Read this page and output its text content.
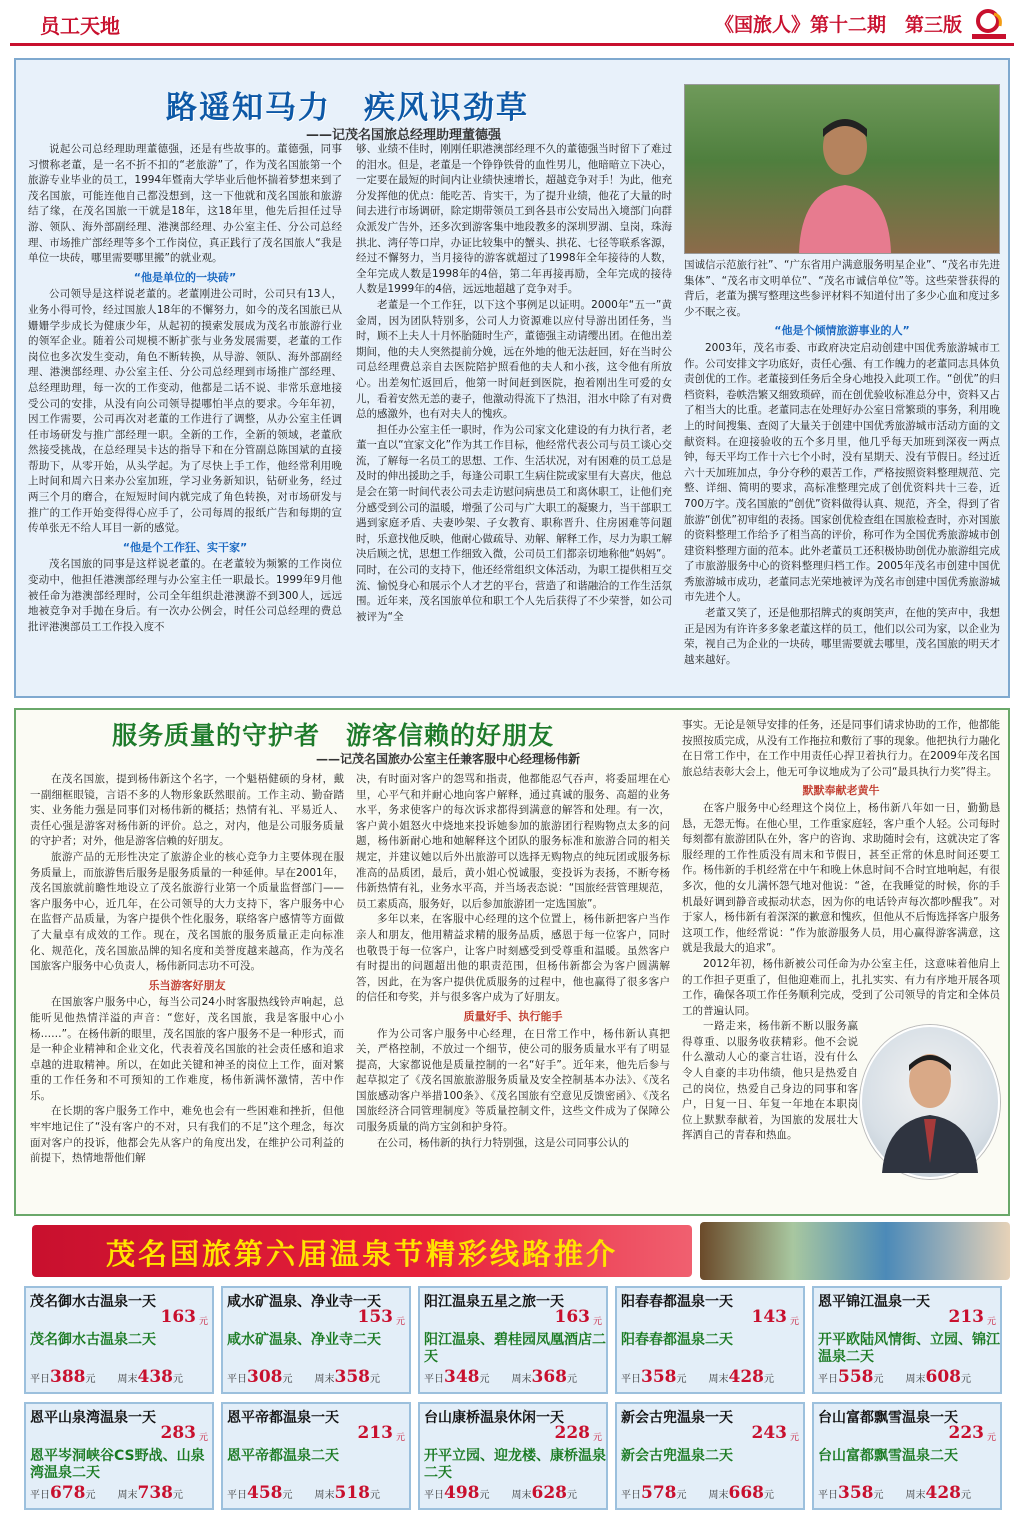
员工天地	《国旅人》第十二期　第三版
路遥知马力　疾风识劲草
——记茂名国旅总经理助理董德强

说起公司总经理助理董德强，还是有些故事的。董德强，同事习惯称老董，是一名不折不扣的“老旅游”了，作为茂名国旅第一个旅游专业毕业的员工，1994年暨南大学毕业后他怀揣着梦想来到了茂名国旅，可能连他自己都没想到，这一下他就和茂名国旅和旅游结了缘，在茂名国旅一干就是18年，这18年里，他先后担任过导游、领队、海外部副经理、港澳部经理、办公室主任、分公司总经理、市场推广部经理等多个工作岗位，真正践行了茂名国旅人“我是单位一块砖，哪里需要哪里搬”的就业观。

“他是单位的一块砖”

公司领导是这样说老董的。老董刚进公司时，公司只有13人，业务小得可怜，经过国旅人18年的不懈努力，如今的茂名国旅已从姗姗学步成长为健康少年，从起初的摸索发展成为茂名市旅游行业的领军企业。随着公司规模不断扩张与业务发展需要，老董的工作岗位也多次发生变动，角色不断转换，从导游、领队、海外部副经理、港澳部经理、办公室主任、分公司总经理到市场推广部经理、总经理助理，每一次的工作变动，他都是二话不说、非常乐意地接受公司的安排，从没有向公司领导提哪怕半点的要求。今年年初，因工作需要，公司再次对老董的工作进行了调整，从办公室主任调任市场研发与推广部经理一职。全新的工作，全新的领域，老董欣然接受挑战，在总经理吴卡达的指导下和在分管副总陈国斌的直接帮助下，从零开始，从头学起。为了尽快上手工作，他经常利用晚上时间和周六日来办公室加班，学习业务新知识，钻研业务，经过两三个月的磨合，在短短时间内就完成了角色转换，对市场研发与推广的工作开始变得得心应手了，公司每周的报纸广告和每期的宣传单张无不给人耳目一新的感觉。

“他是个工作狂、实干家”

茂名国旅的同事是这样说老董的。在老董较为频繁的工作岗位变动中，他担任港澳部经理与办公室主任一职最长。1999年9月他被任命为港澳部经理时，公司全年组织赴港澳游不到300人，远远地被竞争对手抛在身后。有一次办公例会，时任公司总经理的费总批评港澳部员工工作投入度不

够、业绩不佳时，刚刚任职港澳部经理不久的董德强当时留下了难过的泪水。但是，老董是一个铮铮铁骨的血性男儿，他暗暗立下决心，一定要在最短的时间内让业绩快速增长，超越竞争对手！为此，他充分发挥他的优点：能吃苦、肯实干，为了提升业绩，他花了大量的时间去进行市场调研，除定期带领员工到各县市公安局出入境部门向群众派发广告外，还多次到游客集中地段教多的深圳罗湖、皇岗，珠海拱北、湾仔等口岸，办证比较集中的蟹头、拱花、七径等联系客源，经过不懈努力，当月接待的游客就超过了1998年全年接待的人数，全年完成人数是1998年的4倍，第二年再接再励，全年完成的接待人数是1999年的4倍，远远地超越了竞争对手。

老董是一个工作狂，以下这个事例足以证明。2000年“五一”黄金周，因为团队特别多，公司人力资源难以应付导游出团任务，当时，顾不上夫人十月怀胎随时生产，董德强主动请缨出团。在他出差期间，他的夫人突然提前分娩，远在外地的他无法赶回，好在当时公司总经理费总亲自去医院陪护照看他的夫人和小孩，这令他有所放心。出差匆忙返回后，他第一时间赶到医院，抱着刚出生可爱的女儿，看着安然无恙的妻子，他激动得流下了热泪，泪水中除了有对费总的感激外，也有对夫人的愧疚。

担任办公室主任一职时，作为公司家文化建设的有力执行者，老董一直以“宜家文化”作为其工作目标，他经常代表公司与员工谈心交流，了解每一名员工的思想、工作、生活状况，对有困难的员工总是及时的伸出援助之手，每逢公司职工生病住院或家里有大喜庆，他总是会在第一时间代表公司去走访慰问病患员工和离休职工，让他们充分感受到公司的温暖，增强了公司与广大职工的凝聚力，当干部职工遇到家庭矛盾、夫妻吵架、子女教育、职称晋升、住房困难等问题时，乐意找他反映，他耐心做疏导、劝解、解释工作，尽力为职工解决后顾之忧，思想工作细致入微，公司员工们都亲切地称他“妈妈”。同时，在公司的支持下，他还经常组织文体活动，为职工提供相互交流、愉悦身心和展示个人才艺的平台，营造了和谐融洽的工作生活氛围。近年来，茂名国旅单位和职工个人先后获得了不少荣誉，如公司被评为“全

国诚信示范旅行社”、“广东省用户满意服务明星企业”、“茂名市先进集体”、“茂名市文明单位”、“茂名市诚信单位”等。这些荣誉获得的背后，老董为撰写整理这些参评材料不知道付出了多少心血和度过多少不眠之夜。

“他是个倾情旅游事业的人”

2003年，茂名市委、市政府决定启动创建中国优秀旅游城市工作。公司安排文字功底好，责任心强、有工作魄力的老董同志具体负责创优的工作。老董接到任务后全身心地投入此项工作。“创优”的归档资料，卷帙浩繁又细致琐碎，而在创优验收标准总分中，资料又占了相当大的比重。老董同志在处理好办公室日常繁琐的事务，利用晚上的时间搜集、查阅了大量关于创建中国优秀旅游城市活动方面的文献资料。在迎接验收的五个多月里，他几乎每天加班到深夜一两点钟，每天平均工作十六七个小时，没有星期天、没有节假日。经过近六十天加班加点，争分夺秒的艰苦工作，严格按照资料整理规范、完整、详细、简明的要求，高标准整理完成了创优资料共十三卷，近700万字。茂名国旅的“创优”资料做得认真、规范，齐全，得到了省旅游“创优”初审组的表扬。国家创优检查组在国旅检查时，亦对国旅的资料整理工作给予了相当高的评价，称可作为全国优秀旅游城市创建资料整理方面的范本。此外老董员工还积极协助创优办旅游组完成了市旅游服务中心的资料整理归档工作。2005年茂名市创建中国优秀旅游城市成功，老董同志光荣地被评为茂名市创建中国优秀旅游城市先进个人。

老董又笑了，还是他那招牌式的爽朗笑声，在他的笑声中，我想正是因为有许许多多象老董这样的员工，他们以公司为家，以企业为荣，视自己为企业的一块砖，哪里需要就去哪里，茂名国旅的明天才越来越好。

服务质量的守护者　游客信赖的好朋友
——记茂名国旅办公室主任兼客服中心经理杨伟新

在茂名国旅，提到杨伟新这个名字，一个魁梧健硕的身材，戴一副细框眼镜，言语不多的人物形象跃然眼前。工作主动、勤奋踏实、业务能力强是同事们对杨伟新的概括；热情有礼、平易近人、责任心强是游客对杨伟新的评价。总之，对内，他是公司服务质量的守护者；对外，他是游客信赖的好朋友。

旅游产品的无形性决定了旅游企业的核心竞争力主要体现在服务质量上，而旅游售后服务是服务质量的一种延伸。早在2001年，茂名国旅就前瞻性地设立了茂名旅游行业第一个质量监督部门——客户服务中心，近几年，在公司领导的大力支持下，客户服务中心在监督产品质量，为客户提供个性化服务，联络客户感情等方面做了大量卓有成效的工作。现在，茂名国旅的服务质量正走向标准化、规范化，茂名国旅品牌的知名度和美誉度越来越高，作为茂名国旅客户服务中心负责人，杨伟新同志功不可没。

乐当游客好朋友

在国旅客户服务中心，每当公司24小时客服热线铃声响起，总能听见他热情洋溢的声音：“您好，茂名国旅，我是客服中心小杨……”。在杨伟新的眼里，茂名国旅的客户服务不是一种形式，而是一种企业精神和企业文化，代表着茂名国旅的社会责任感和追求卓越的进取精神。所以，在如此关键和神圣的岗位上工作，面对繁重的工作任务和不可预知的工作难度，杨伟新满怀激情，苦中作乐。

在长期的客户服务工作中，难免也会有一些困难和挫折，但他牢牢地记住了“没有客户的不对，只有我们的不足”这个理念，每次面对客户的投诉，他都会先从客户的角度出发，在维护公司利益的前提下，热情地帮他们解

决，有时面对客户的怨骂和指责，他都能忍气吞声，将委屈埋在心里，心平气和并耐心地向客户解释，通过真诚的服务、高超的业务水平，务求使客户的每次诉求都得到满意的解答和处理。有一次，客户黄小姐怒火中烧地来投诉她参加的旅游团行程购物点太多的问题，杨伟新耐心地和她解释这个团队的服务标准和旅游合同的相关规定，并建议她以后外出旅游可以选择无购物点的纯玩团或服务标准高的品质团，最后，黄小姐心悦诚服，变投诉为表扬，不断夸杨伟新热情有礼，业务水平高，并当场表态说：“国旅经营管理规范，员工素质高，服务好，以后参加旅游团一定选国旅”。

多年以来，在客服中心经理的这个位置上，杨伟新把客户当作亲人和朋友，他用精益求精的服务品质，感恩于每一位客户，同时也敬畏于每一位客户，让客户时刻感受到受尊重和温暖。虽然客户有时提出的问题超出他的职责范围，但杨伟新都会为客户圆满解答，因此，在为客户提供优质服务的过程中，他也赢得了很多客户的信任和夸奖，并与很多客户成为了好朋友。

质量好手、执行能手

作为公司客户服务中心经理，在日常工作中，杨伟新认真把关，严格控制，不放过一个细节，使公司的服务质量水平有了明显提高，大家都说他是质量控制的一名“好手”。近年来，他先后参与起草拟定了《茂名国旅旅游服务质量及安全控制基本办法》、《茂名国旅感动客户举措100条》、《茂名国旅有空意见反馈密函》、《茂名国旅经济合同管理制度》等质量控制文件，这些文件成为了保障公司服务质量的尚方宝剑和护身符。

在公司，杨伟新的执行力特别强，这是公司同事公认的

事实。无论是领导安排的任务，还是同事们请求协助的工作，他都能按照按质完成，从没有工作拖拉和敷衍了事的现象。他把执行力融化在日常工作中，在工作中用责任心捍卫着执行力。在2009年茂名国旅总结表彰大会上，他无可争议地成为了公司“最具执行力奖”得主。

默默奉献老黄牛

在客户服务中心经理这个岗位上，杨伟新八年如一日，勤勤恳恳，无怨无悔。在他心里，工作重家庭轻，客户重个人轻。公司每时每刻都有旅游团队在外，客户的咨询、求助随时会有，这就决定了客服经理的工作性质没有周末和节假日，甚至正常的休息时间还要工作。杨伟新的手机经常在中午和晚上休息时间不合时宜地响起，有很多次，他的女儿满怀怨气地对他说：“爸，在我睡觉的时候，你的手机最好调到静音或振动状态，因为你的电话铃声每次都吵醒我”。对于家人，杨伟新有着深深的歉意和愧疚，但他从不后悔选择客户服务这项工作，他经常说：“作为旅游服务人员，用心赢得游客满意，这就是我最大的追求”。

2012年初，杨伟新被公司任命为办公室主任，这意味着他肩上的工作担子更重了，但他迎难而上，扎扎实实、有力有序地开展各项工作，确保各项工作任务顺利完成，受到了公司领导的肯定和全体员工的普遍认同。

一路走来，杨伟新不断以服务赢得尊重、以服务收获精彩。他不会说什么激动人心的豪言壮语，没有什么令人自豪的丰功伟绩，他只是热爱自己的岗位，热爱自己身边的同事和客户，日复一日、年复一年地在本职岗位上默默奉献着，为国旅的发展壮大挥洒自己的青春和热血。

茂名国旅第六届温泉节精彩线路推介
茂名御水古温泉一天
163 元
茂名御水古温泉二天
平日388元 周末438元
咸水矿温泉、净业寺一天
153 元
咸水矿温泉、净业寺二天
平日308元 周末358元
阳江温泉五星之旅一天
163 元
阳江温泉、碧桂园凤凰酒店二天
平日348元 周末368元
阳春春都温泉一天
143 元
阳春春都温泉二天
平日358元 周末428元
恩平锦江温泉一天
213 元
开平欧陆风情街、立园、锦江温泉二天
平日558元 周末608元
恩平山泉湾温泉一天
283 元
恩平岑洞峡谷CS野战、山泉湾温泉二天
平日678元 周末738元
恩平帝都温泉一天
213 元
恩平帝都温泉二天
平日458元 周末518元
台山康桥温泉休闲一天
228 元
开平立园、迎龙楼、康桥温泉二天
平日498元 周末628元
新会古兜温泉一天
243 元
新会古兜温泉二天
平日578元 周末668元
台山富都飘雪温泉一天
223 元
台山富都飘雪温泉二天
平日358元 周末428元
